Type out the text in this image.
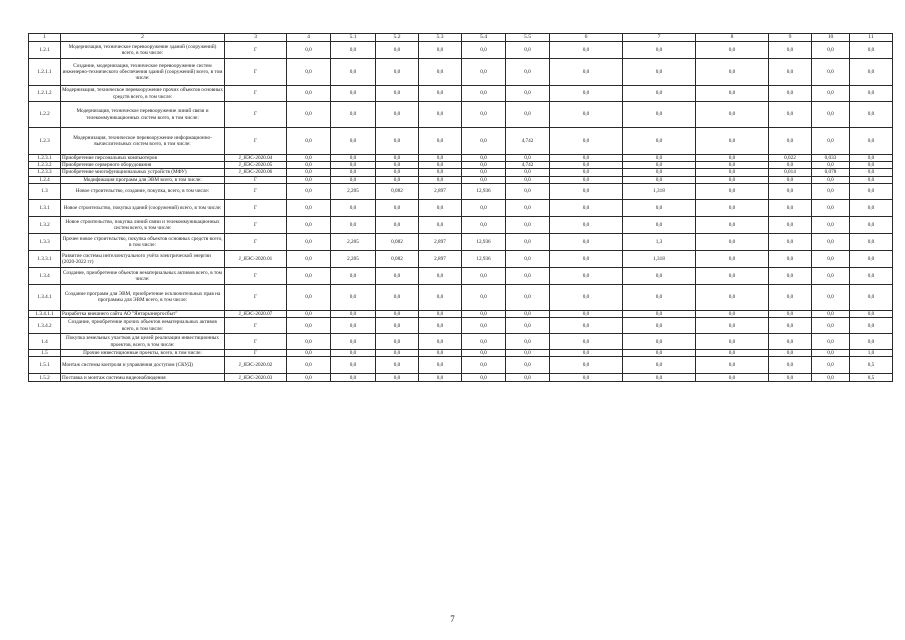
1	2	3	4	5.1	5.2	5.3	5.4	5.5	6	7	8	9	10	11
1.2.1	Модернизация, техническое перевооружение зданий (сооружений) всего, в том числе:	Г	0,0	0,0	0,0	0,0	0,0	0,0	0,0	0,0	0,0	0,0	0,0	0,0
1.2.1.1	Создание, модернизация, техническое перевооружение систем инженерно-технического обеспечения зданий (сооружений) всего, в том числе:	Г	0,0	0,0	0,0	0,0	0,0	0,0	0,0	0,0	0,0	0,0	0,0	0,0
1.2.1.2	Модернизация, техническое перевооружение прочих объектов основных средств всего, в том числе:	Г	0,0	0,0	0,0	0,0	0,0	0,0	0,0	0,0	0,0	0,0	0,0	0,0
1.2.2	Модернизация, техническое перевооружение линий связи и телекоммуникационных систем всего, в том числе:	Г	0,0	0,0	0,0	0,0	0,0	0,0	0,0	0,0	0,0	0,0	0,0	0,0
1.2.3	Модернизация, техническое перевооружение информационно-вычислительных систем всего, в том числе:	Г	0,0	0,0	0,0	0,0	0,0	4,742	0,0	0,0	0,0	0,0	0,0	0,0
1.2.3.1	Приобретение персональных компьютеров	J_ЯЭС-2020.04	0,0	0,0	0,0	0,0	0,0	0,0	0,0	0,0	0,0	0,022	0,033	0,0
1.2.3.2	Приобретение серверного оборудования	J_ЯЭС-2020.05	0,0	0,0	0,0	0,0	0,0	4,742	0,0	0,0	0,0	0,0	0,0	0,0
1.2.3.3	Приобретение многофункциональных устройств (МФУ)	J_ЯЭС-2020.06	0,0	0,0	0,0	0,0	0,0	0,0	0,0	0,0	0,0	0,014	0,078	0,0
1.2.4	Модификация программ для ЭВМ всего, в том числе:	Г	0,0	0,0	0,0	0,0	0,0	0,0	0,0	0,0	0,0	0,0	0,0	0,0
1.3	Новое строительство, создание, покупка, всего, в том числе:	Г	0,0	2,205	0,082	2,897	12,936	0,0	0,0	1,318	0,0	0,0	0,0	0,0
1.3.1	Новое строительство, покупка зданий (сооружений) всего, в том числе:	Г	0,0	0,0	0,0	0,0	0,0	0,0	0,0	0,0	0,0	0,0	0,0	0,0
1.3.2	Новое строительство, покупка линий связи и телекоммуникационных систем всего, в том числе:	Г	0,0	0,0	0,0	0,0	0,0	0,0	0,0	0,0	0,0	0,0	0,0	0,0
1.3.3	Прочее новое строительство, покупка объектов основных средств всего, в том числе:	Г	0,0	2,205	0,082	2,897	12,936	0,0	0,0	1,3	0,0	0,0	0,0	0,0
1.3.3.1	Развитие системы интеллектуального учёта электрической энергии (2020-2022 гг)	J_ЯЭС-2020.01	0,0	2,205	0,082	2,897	12,936	0,0	0,0	1,318	0,0	0,0	0,0	0,0
1.3.4	Создание, приобретение объектов нематериальных активов всего, в том числе:	Г	0,0	0,0	0,0	0,0	0,0	0,0	0,0	0,0	0,0	0,0	0,0	0,0
1.3.4.1	Создание программ для ЭВМ, приобретение исключительных прав на программы для ЭВМ всего, в том числе:	Г	0,0	0,0	0,0	0,0	0,0	0,0	0,0	0,0	0,0	0,0	0,0	0,0
1.3.4.1.1	Разработка внешнего сайта АО "Янтарьэнергосбыт"	J_ЯЭС-2020.07	0,0	0,0	0,0	0,0	0,0	0,0	0,0	0,0	0,0	0,0	0,0	0,0
1.3.4.2	Создание, приобретение прочих объектов нематериальных активов всего, в том числе:	Г	0,0	0,0	0,0	0,0	0,0	0,0	0,0	0,0	0,0	0,0	0,0	0,0
1.4	Покупка земельных участков для целей реализации инвестиционных проектов, всего, в том числе:	Г	0,0	0,0	0,0	0,0	0,0	0,0	0,0	0,0	0,0	0,0	0,0	0,0
1.5	Прочие инвестиционные проекты, всего, в том числе:	Г	0,0	0,0	0,0	0,0	0,0	0,0	0,0	0,0	0,0	0,0	0,0	1,0
1.5.1	Монтаж системы контроля и управления доступом (СКУД)	J_ЯЭС-2020.02	0,0	0,0	0,0	0,0	0,0	0,0	0,0	0,0	0,0	0,0	0,0	0,5
1.5.2	Поставка и монтаж системы видеонаблюдения	J_ЯЭС-2020.03	0,0	0,0	0,0	0,0	0,0	0,0	0,0	0,0	0,0	0,0	0,0	0,5
7
